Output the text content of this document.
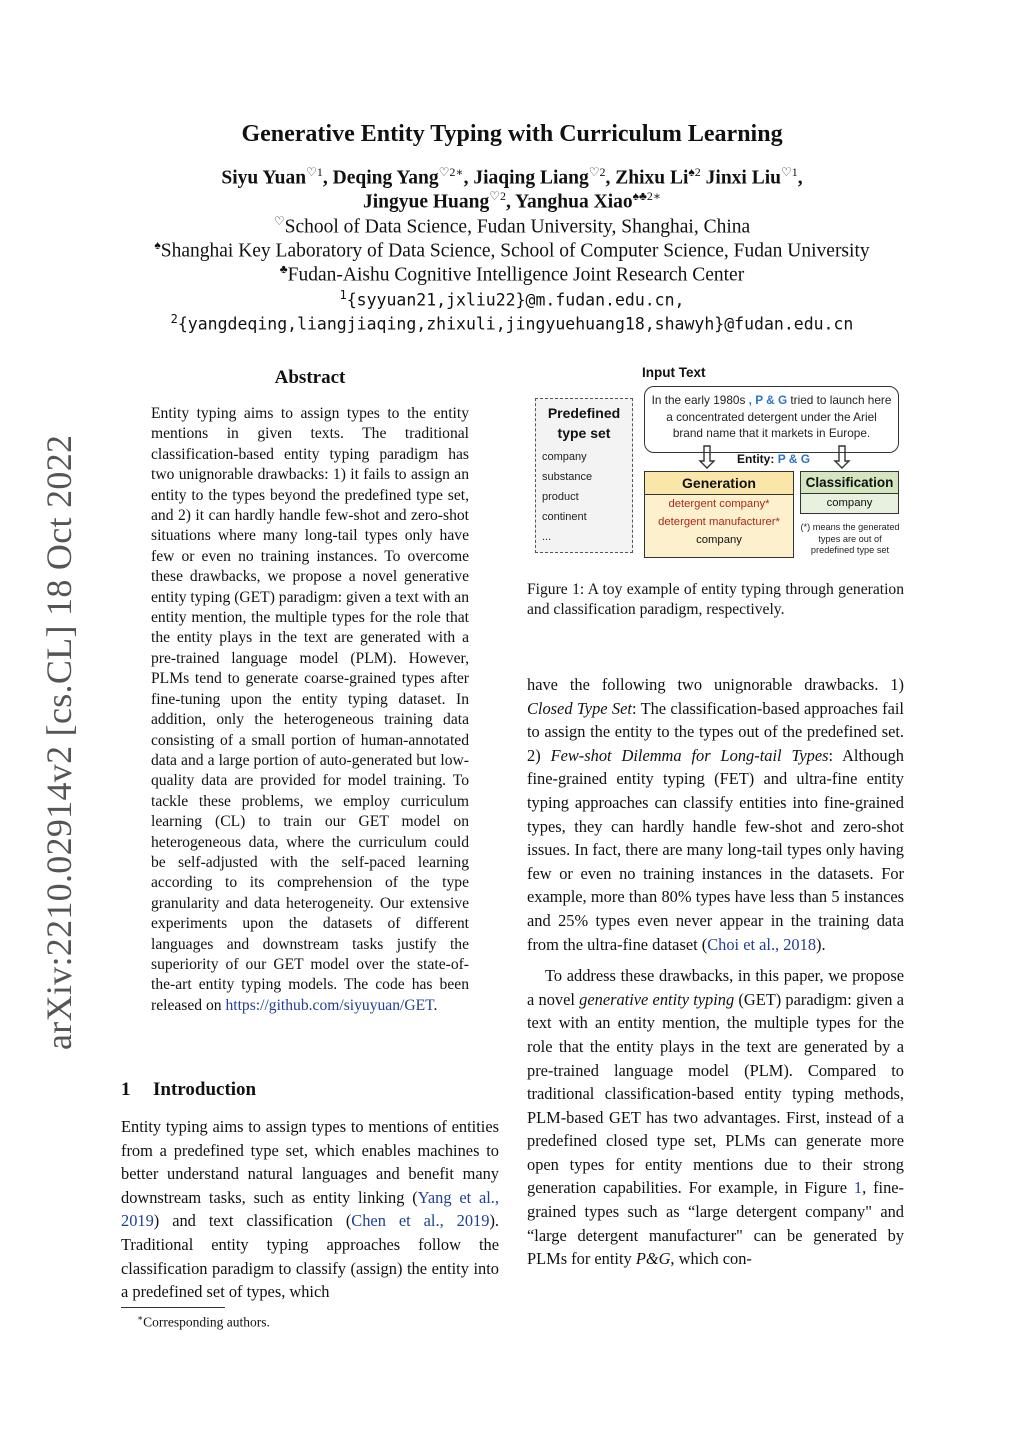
arXiv:2210.02914v2 [cs.CL] 18 Oct 2022
Generative Entity Typing with Curriculum Learning
Siyu Yuan$^{♡1}$, Deqing Yang$^{♡2∗}$, Jiaqing Liang$^{♡2}$, Zhixu $Li^{♠2}$ Jinxi Liu$^{♡1}$,
Jingyue Huang$^{♡2}$, Yanghua Xiao$^{♠♣2∗}$
♡School of Data Science, Fudan University, Shanghai, China
♠Shanghai Key Laboratory of Data Science, School of Computer Science, Fudan University
♣Fudan-Aishu Cognitive Intelligence Joint Research Center
$^1${syyuan21,jxliu22}@m.fudan.edu.cn,
$^2${yangdeqing,liangjiaqing,zhixuli,jingyuehuang18,shawyh}@fudan.edu.cn
Abstract

Entity typing aims to assign types to the entity mentions in given texts. The traditional classification-based entity typing paradigm has two unignorable drawbacks: 1) it fails to assign an entity to the types beyond the predefined type set, and 2) it can hardly handle few-shot and zero-shot situations where many long-tail types only have few or even no training instances. To overcome these drawbacks, we propose a novel generative entity typing (GET) paradigm: given a text with an entity mention, the multiple types for the role that the entity plays in the text are generated with a pre-trained language model (PLM). However, PLMs tend to generate coarse-grained types after fine-tuning upon the entity typing dataset. In addition, only the heterogeneous training data consisting of a small portion of human-annotated data and a large portion of auto-generated but low-quality data are provided for model training. To tackle these problems, we employ curriculum learning (CL) to train our GET model on heterogeneous data, where the curriculum could be self-adjusted with the self-paced learning according to its comprehension of the type granularity and data heterogeneity. Our extensive experiments upon the datasets of different languages and downstream tasks justify the superiority of our GET model over the state-of-the-art entity typing models. The code has been released on https://github.com/siyuyuan/GET.

1 Introduction

Entity typing aims to assign types to mentions of entities from a predefined type set, which enables machines to better understand natural languages and benefit many downstream tasks, such as entity linking (Yang et al., 2019) and text classification (Chen et al., 2019). Traditional entity typing approaches follow the classification paradigm to classify (assign) the entity into a predefined set of types, which

∗Corresponding authors.
Input Text
In the early 1980s , P & G tried to launch here a concentrated detergent under the Ariel brand name that it markets in Europe.
Predefined type set
company
substance
product
continent
...
Entity: P & G
Generation
detergent company*
detergent manufacturer*
company
Classification
company
(*) means the generated types are out of predefined type set
Figure 1: A toy example of entity typing through generation and classification paradigm, respectively.

have the following two unignorable drawbacks. 1) Closed Type Set: The classification-based approaches fail to assign the entity to the types out of the predefined set. 2) Few-shot Dilemma for Long-tail Types: Although fine-grained entity typing (FET) and ultra-fine entity typing approaches can classify entities into fine-grained types, they can hardly handle few-shot and zero-shot issues. In fact, there are many long-tail types only having few or even no training instances in the datasets. For example, more than 80% types have less than 5 instances and 25% types even never appear in the training data from the ultra-fine dataset (Choi et al., 2018).

To address these drawbacks, in this paper, we propose a novel generative entity typing (GET) paradigm: given a text with an entity mention, the multiple types for the role that the entity plays in the text are generated by a pre-trained language model (PLM). Compared to traditional classification-based entity typing methods, PLM-based GET has two advantages. First, instead of a predefined closed type set, PLMs can generate more open types for entity mentions due to their strong generation capabilities. For example, in Figure 1, fine-grained types such as “large detergent company" and “large detergent manufacturer" can be generated by PLMs for entity P&G, which con-
